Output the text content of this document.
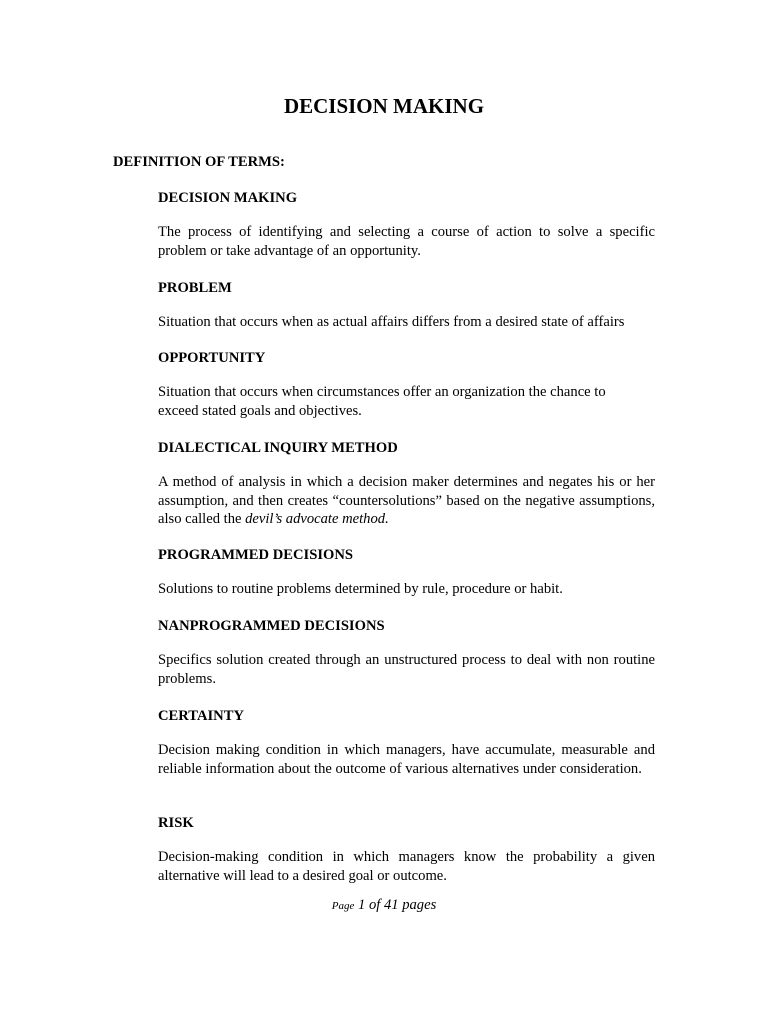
DECISION MAKING
DEFINITION OF TERMS:
DECISION MAKING

The process of identifying and selecting a course of action to solve a specific problem or take advantage of an opportunity.

PROBLEM

Situation that occurs when as actual affairs differs from a desired state of affairs

OPPORTUNITY

Situation that occurs when circumstances offer an organization the chance to exceed stated goals and objectives.

DIALECTICAL INQUIRY METHOD

A method of analysis in which a decision maker determines and negates his or her assumption, and then creates “countersolutions” based on the negative assumptions, also called the devil’s advocate method.

PROGRAMMED DECISIONS

Solutions to routine problems determined by rule, procedure or habit.

NANPROGRAMMED DECISIONS

Specifics solution created through an unstructured process to deal with non routine problems.

CERTAINTY

Decision making condition in which managers, have accumulate, measurable and reliable information about the outcome of various alternatives under consideration.

RISK

Decision-making condition in which managers know the probability a given alternative will lead to a desired goal or outcome.

Page 1 of 41 pages
